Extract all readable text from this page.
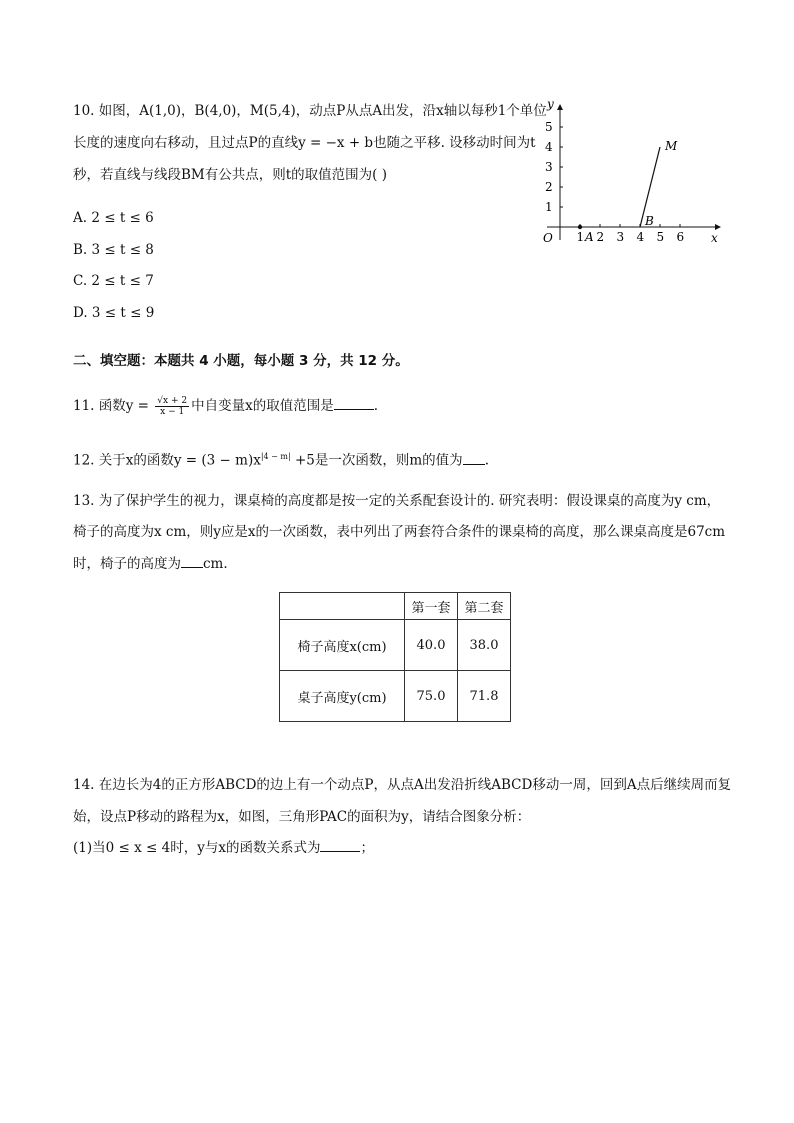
10. 如图，A(1,0)，B(4,0)，M(5,4)，动点P从点A出发，沿x轴以每秒1个单位
长度的速度向右移动，且过点P的直线y = −x + b也随之平移. 设移动时间为t
秒，若直线与线段BM有公共点，则t的取值范围为( )
A. 2 ≤ t ≤ 6
B. 3 ≤ t ≤ 8
C. 2 ≤ t ≤ 7
D. 3 ≤ t ≤ 9
y
x
O 1 2 3 4 5 6
1
2
3
4
5
A
B
M
二、填空题：本题共 4 小题，每小题 3 分，共 12 分。
11. 函数$y = \frac{√x + 2}{x - 1}$ 中自变量x的取值范围是	.
12. 关于x的函数$y = (3 - m)x^{|4 - m|} +5$是一次函数，则m的值为 .
13. 为了保护学生的视力，课桌椅的高度都是按一定的关系配套设计的. 研究表明：假设课桌的高度为y cm，
椅子的高度为x cm，则y应是x的一次函数，表中列出了两套符合条件的课桌椅的高度，那么课桌高度是67cm
时，椅子的高度为 cm.
	第一套	第二套
椅子高度x(cm)	40.0	38.0
桌子高度y(cm)	75.0	71.8
14. 在边长为4的正方形ABCD的边上有一个动点P，从点A出发沿折线ABCD移动一周，回到A点后继续周而复
始，设点P移动的路程为x，如图，三角形PAC的面积为y，请结合图象分析：
(1)当0 ≤ x ≤ 4时，y与x的函数关系式为	；
